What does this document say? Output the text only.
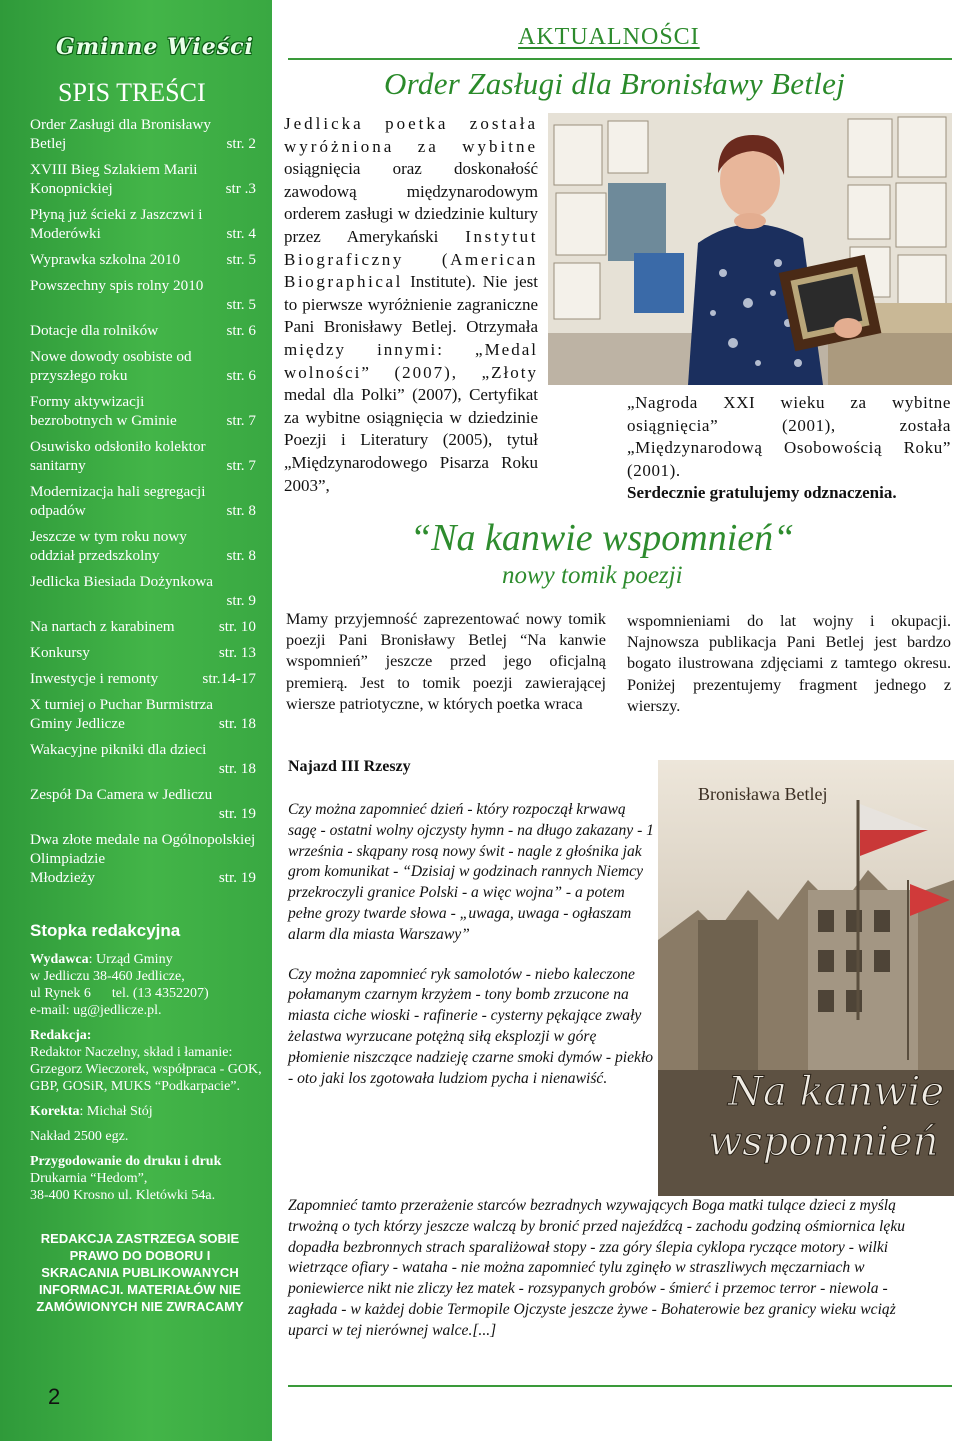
Gminne Wieści
SPIS TREŚCI
Order Zasługi dla Bronisławy
Betlej	str. 2
XVIII Bieg Szlakiem Marii
Konopnickiej	str .3
Płyną już ścieki z Jaszczwi i
Moderówki	str. 4
Wyprawka szkolna 2010	str. 5
Powszechny spis rolny 2010
str. 5
Dotacje dla rolników	str. 6
Nowe dowody osobiste od
przyszłego roku	str. 6
Formy aktywizacji
bezrobotnych w Gminie	str. 7
Osuwisko odsłoniło kolektor
sanitarny	str. 7
Modernizacja hali segregacji
odpadów	str. 8
Jeszcze w tym roku nowy
oddział przedszkolny	str. 8
Jedlicka Biesiada Dożynkowa
str. 9
Na nartach z karabinem	str. 10
Konkursy	str. 13
Inwestycje i remonty	str.14-17
X turniej o Puchar Burmistrza
Gminy Jedlicze	str. 18
Wakacyjne pikniki dla dzieci
str. 18
Zespół Da Camera w Jedliczu
str. 19
Dwa złote medale na Ogólnopolskiej Olimpiadzie
Młodzieży	str. 19
Stopka redakcyjna

Wydawca: Urząd Gminy
w Jedliczu 38-460 Jedlicze,
ul Rynek 6      tel. (13 4352207)
e-mail: ug@jedlicze.pl.

Redakcja:
Redaktor Naczelny, skład i łamanie: Grzegorz Wieczorek, współpraca - GOK, GBP, GOSiR, MUKS “Podkarpacie”.

Korekta: Michał Stój

Nakład 2500 egz.

Przygodowanie do druku i druk
Drukarnia “Hedom”,
38-400 Krosno ul. Kletówki 54a.

REDAKCJA ZASTRZEGA SOBIE PRAWO DO DOBORU I SKRACANIA PUBLIKOWANYCH INFORMACJI. MATERIAŁÓW NIE ZAMÓWIONYCH NIE ZWRACAMY
2
AKTUALNOŚCI
Order Zasługi dla Bronisławy Betlej
Jedlicka poetka została wyróżniona za wybitne osiągnięcia oraz doskonałość zawodową międzynarodowym orderem zasługi w dziedzinie kultury przez Amerykański Instytut Biograficzny (American Biographical Institute). Nie jest to pierwsze wyróżnienie zagraniczne Pani Bronisławy Betlej. Otrzymała między innymi: „Medal wolności” (2007), „Złoty medal dla Polki” (2007), Certyfikat za wybitne osiągnięcia w dziedzinie Poezji i Literatury (2005), tytuł „Międzynarodowego Pisarza Roku 2003”,
„Nagroda XXI wieku za wybitne osiągnięcia” (2001), została „Międzynarodową Osobowością Roku” (2001).
Serdecznie gratulujemy odznaczenia.
“Na kanwie wspomnień“
nowy tomik poezji
Mamy przyjemność zaprezentować nowy tomik poezji Pani Bronisławy Betlej “Na kanwie wspomnień” jeszcze przed jego oficjalną premierą. Jest to tomik poezji zawierającej wiersze patriotyczne, w których poetka wraca
wspomnieniami do lat wojny i okupacji. Najnowsza publikacja Pani Betlej jest bardzo bogato ilustrowana zdjęciami z tamtego okresu. Poniżej prezentujemy fragment jednego z wierszy.
Najazd III Rzeszy
Bronisława Betlej
Na kanwie
wspomnień

Czy można zapomnieć dzień - który rozpoczął krwawą sagę - ostatni wolny ojczysty hymn - na długo zakazany - 1 września - skąpany rosą nowy świt - nagle z głośnika jak grom komunikat - “Dzisiaj w godzinach rannych Niemcy przekroczyli granice Polski - a więc wojna” - a potem pełne grozy twarde słowa - „uwaga, uwaga - ogłaszam alarm dla miasta Warszawy”

Czy można zapomnieć ryk samolotów - niebo kaleczone połamanym czarnym krzyżem - tony bomb zrzucone na miasta ciche wioski - rafinerie - cysterny pękające zwały żelastwa wyrzucane potężną siłą eksplozji w górę płomienie niszczące nadzieję czarne smoki dymów - piekło - oto jaki los zgotowała ludziom pycha i nienawiść.

Zapomnieć tamto przerażenie starców bezradnych wzywających Boga matki tulące dzieci z myślą trwożną o tych którzy jeszcze walczą by bronić przed najeźdźcą - zachodu godziną ośmiornica lęku dopadła bezbronnych strach sparaliżował stopy - zza góry ślepia cyklopa ryczące motory - wilki wietrzące ofiary - wataha - nie można zapomnieć tylu zginęło w straszliwych męczarniach w poniewierce nikt nie zliczy łez matek - rozsypanych grobów - śmierć i przemoc terror - niewola - zagłada - w każdej dobie Termopile Ojczyste jeszcze żywe - Bohaterowie bez granicy wieku wciąż uparci w tej nierównej walce.[...]
